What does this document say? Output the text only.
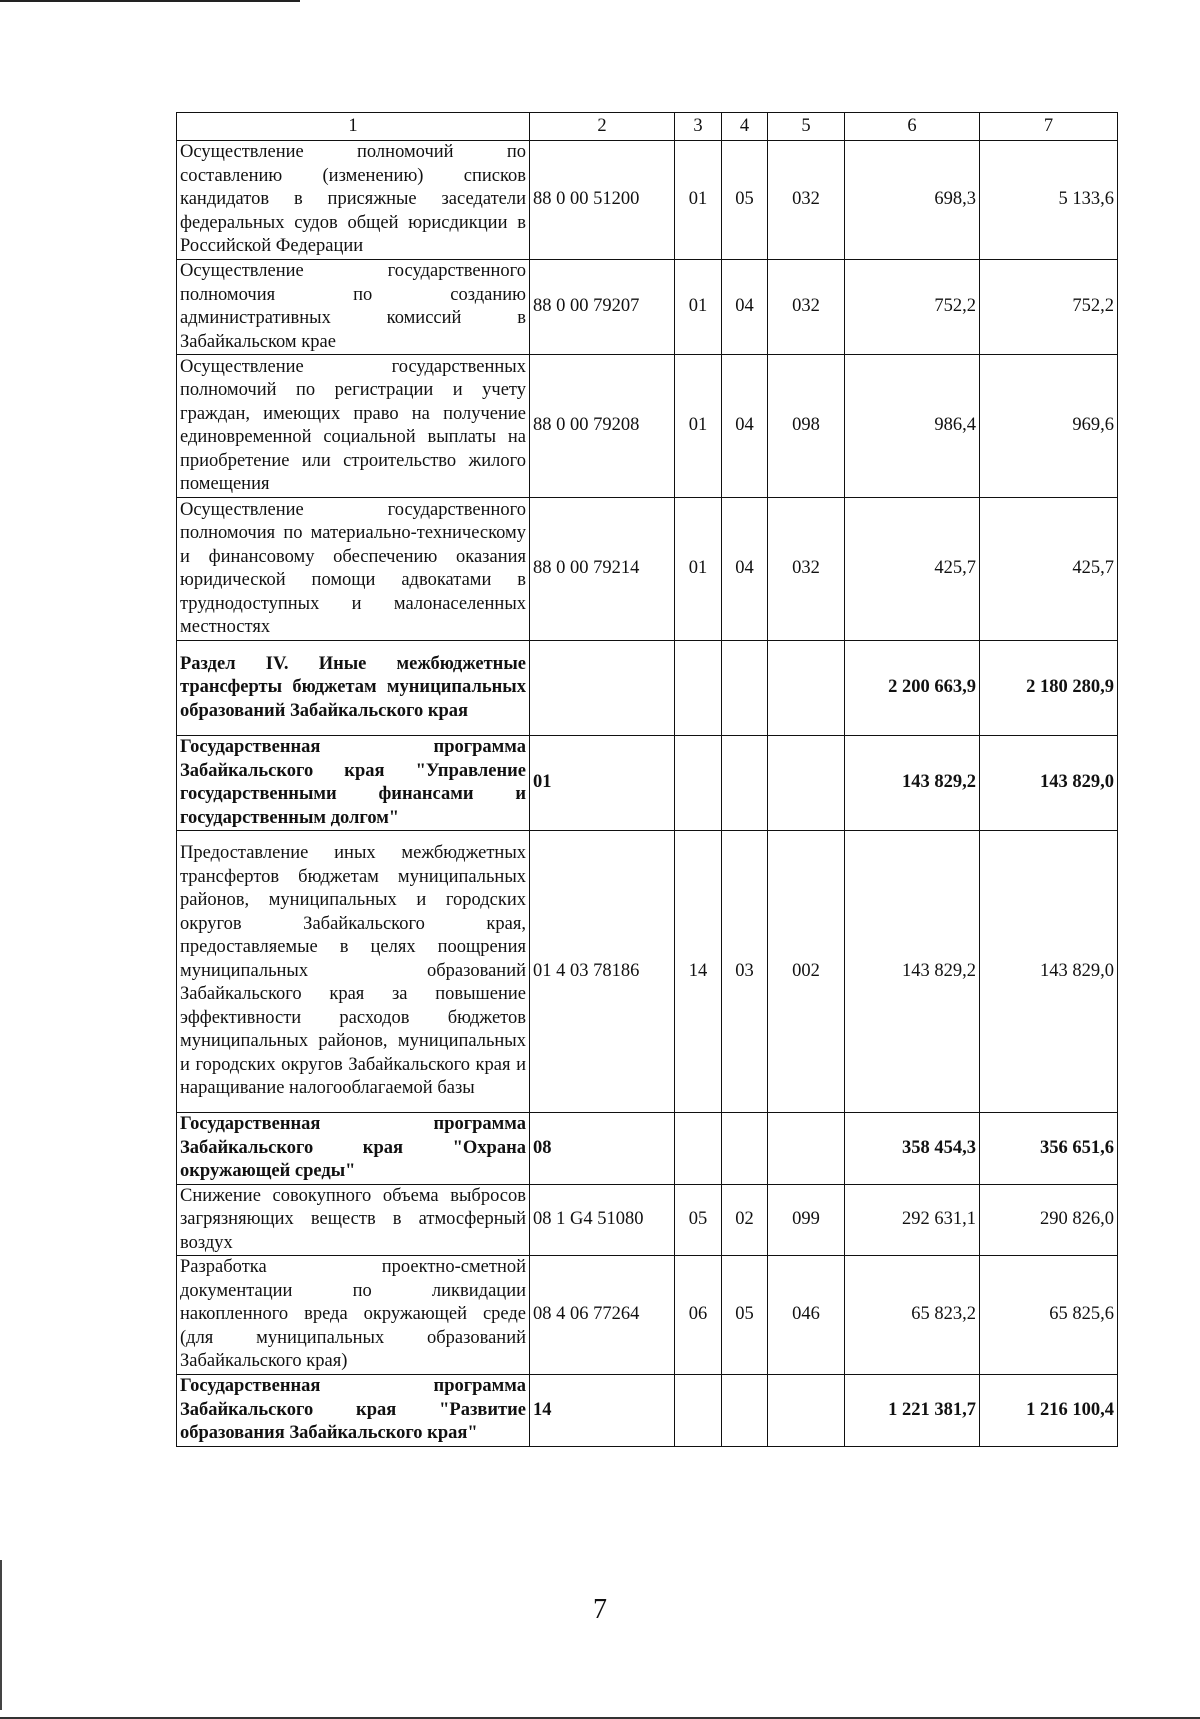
1	2	3	4	5	6	7
Осуществление полномочий по составлению (изменению) списков кандидатов в присяжные заседатели федеральных судов общей юрисдикции в Российской Федерации	88 0 00 51200	01	05	032	698,3	5 133,6
Осуществление государственного полномочия по созданию административных комиссий в Забайкальском крае	88 0 00 79207	01	04	032	752,2	752,2
Осуществление государственных полномочий по регистрации и учету граждан, имеющих право на получение единовременной социальной выплаты на приобретение или строительство жилого помещения	88 0 00 79208	01	04	098	986,4	969,6
Осуществление государственного полномочия по материально-техническому и финансовому обеспечению оказания юридической помощи адвокатами в труднодоступных и малонаселенных местностях	88 0 00 79214	01	04	032	425,7	425,7
Раздел IV. Иные межбюджетные трансферты бюджетам муниципальных образований Забайкальского края					2 200 663,9	2 180 280,9
Государственная программа Забайкальского края "Управление государственными финансами и государственным долгом"	01				143 829,2	143 829,0
Предоставление иных межбюджетных трансфертов бюджетам муниципальных районов, муниципальных и городских округов Забайкальского края, предоставляемые в целях поощрения муниципальных образований Забайкальского края за повышение эффективности расходов бюджетов муниципальных районов, муниципальных и городских округов Забайкальского края и наращивание налогооблагаемой базы	01 4 03 78186	14	03	002	143 829,2	143 829,0
Государственная программа Забайкальского края "Охрана окружающей среды"	08				358 454,3	356 651,6
Снижение совокупного объема выбросов загрязняющих веществ в атмосферный воздух	08 1 G4 51080	05	02	099	292 631,1	290 826,0
Разработка проектно-сметной документации по ликвидации накопленного вреда окружающей среде (для муниципальных образований Забайкальского края)	08 4 06 77264	06	05	046	65 823,2	65 825,6
Государственная программа Забайкальского края "Развитие образования Забайкальского края"	14				1 221 381,7	1 216 100,4
7
